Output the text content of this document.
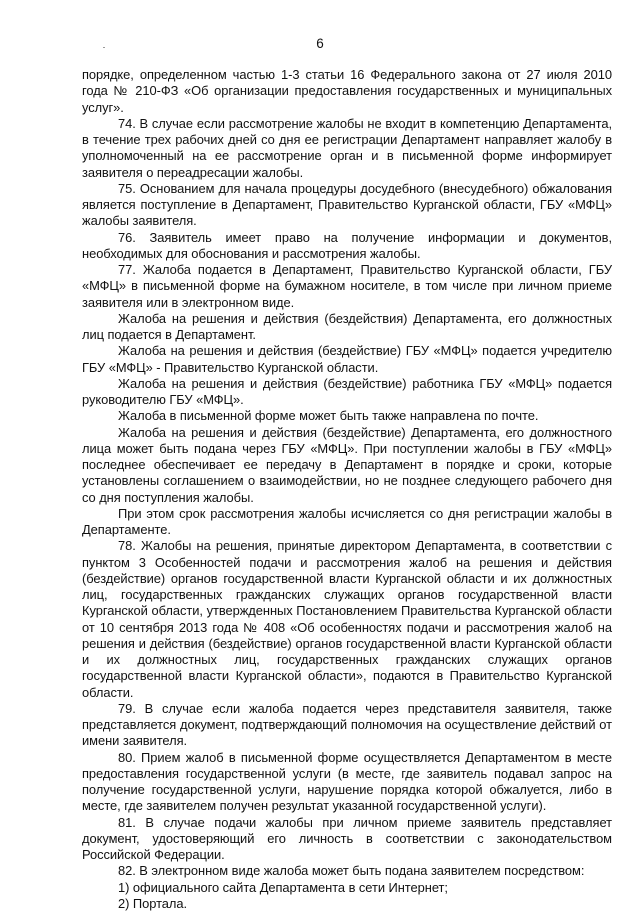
6

порядке, определенном частью 1-3 статьи 16 Федерального закона от 27 июля 2010 года № 210-ФЗ «Об организации предоставления государственных и муниципальных услуг».

74. В случае если рассмотрение жалобы не входит в компетенцию Департамента, в течение трех рабочих дней со дня ее регистрации Департамент направляет жалобу в уполномоченный на ее рассмотрение орган и в письменной форме информирует заявителя о переадресации жалобы.

75. Основанием для начала процедуры досудебного (внесудебного) обжалования является поступление в Департамент, Правительство Курганской области, ГБУ «МФЦ» жалобы заявителя.

76. Заявитель имеет право на получение информации и документов, необходимых для обоснования и рассмотрения жалобы.

77. Жалоба подается в Департамент, Правительство Курганской области, ГБУ «МФЦ» в письменной форме на бумажном носителе, в том числе при личном приеме заявителя или в электронном виде.

Жалоба на решения и действия (бездействия) Департамента, его должностных лиц подается в Департамент.

Жалоба на решения и действия (бездействие) ГБУ «МФЦ» подается учредителю ГБУ «МФЦ» - Правительство Курганской области.

Жалоба на решения и действия (бездействие) работника ГБУ «МФЦ» подается руководителю ГБУ «МФЦ».

Жалоба в письменной форме может быть также направлена по почте.

Жалоба на решения и действия (бездействие) Департамента, его должностного лица может быть подана через ГБУ «МФЦ». При поступлении жалобы в ГБУ «МФЦ» последнее обеспечивает ее передачу в Департамент в порядке и сроки, которые установлены соглашением о взаимодействии, но не позднее следующего рабочего дня со дня поступления жалобы.

При этом срок рассмотрения жалобы исчисляется со дня регистрации жалобы в Департаменте.

78. Жалобы на решения, принятые директором Департамента, в соответствии с пунктом 3 Особенностей подачи и рассмотрения жалоб на решения и действия (бездействие) органов государственной власти Курганской области и их должностных лиц, государственных гражданских служащих органов государственной власти Курганской области, утвержденных Постановлением Правительства Курганской области от 10 сентября 2013 года № 408 «Об особенностях подачи и рассмотрения жалоб на решения и действия (бездействие) органов государственной власти Курганской области и их должностных лиц, государственных гражданских служащих органов государственной власти Курганской области», подаются в Правительство Курганской области.

79. В случае если жалоба подается через представителя заявителя, также представляется документ, подтверждающий полномочия на осуществление действий от имени заявителя.

80. Прием жалоб в письменной форме осуществляется Департаментом в месте предоставления государственной услуги (в месте, где заявитель подавал запрос на получение государственной услуги, нарушение порядка которой обжалуется, либо в месте, где заявителем получен результат указанной государственной услуги).

81. В случае подачи жалобы при личном приеме заявитель представляет документ, удостоверяющий его личность в соответствии с законодательством Российской Федерации.

82. В электронном виде жалоба может быть подана заявителем посредством:

1) официального сайта Департамента в сети Интернет;

2) Портала.
